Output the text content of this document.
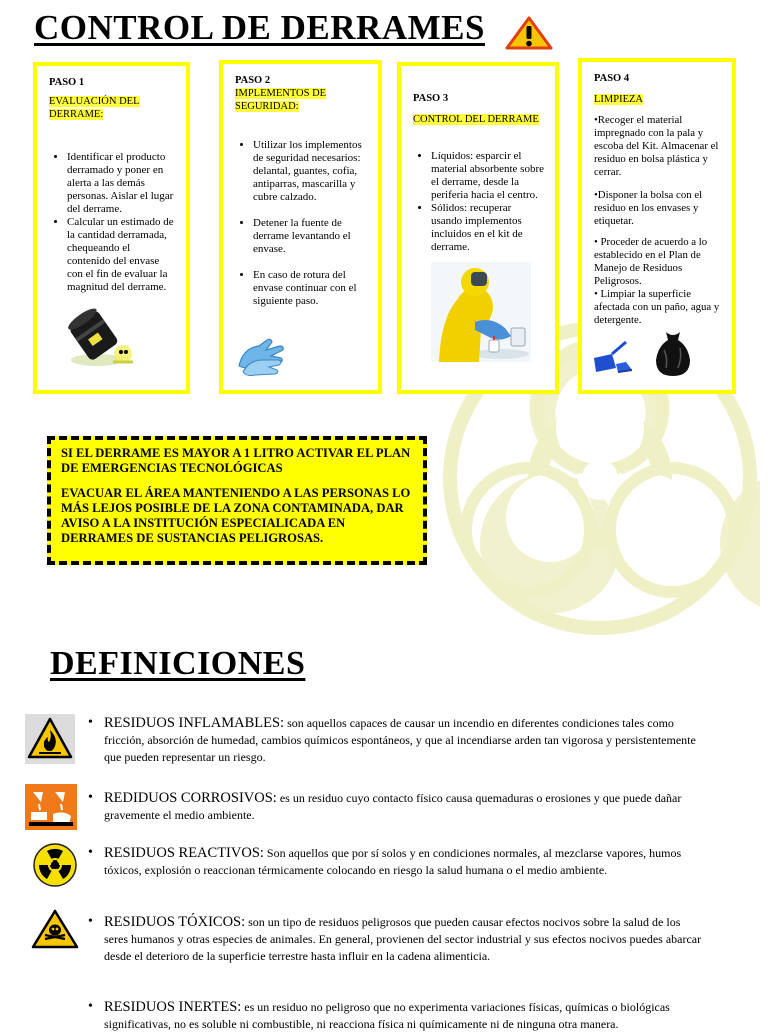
CONTROL DE DERRAMES
PASO 1
EVALUACIÓN DEL DERRAME:
• Identificar el producto derramado y poner en alerta a las demás personas. Aislar el lugar del derrame.
• Calcular un estimado de la cantidad derramada, chequeando el contenido del envase con el fin de evaluar la magnitud del derrame.
PASO 2
IMPLEMENTOS DE SEGURIDAD:
• Utilizar los implementos de seguridad necesarios: delantal, guantes, cofia, antiparras, mascarilla y cubre calzado.
• Detener la fuente de derrame levantando el envase.
• En caso de rotura del envase continuar con el siguiente paso.
PASO 3
CONTROL DEL DERRAME
• Líquidos: esparcir el material absorbente sobre el derrame, desde la periferia hacia el centro.
• Sólidos: recuperar usando implementos incluidos en el kit de derrame.
PASO 4
LIMPIEZA

•Recoger el material impregnado con la pala y escoba del Kit. Almacenar el residuo en bolsa plástica y cerrar.

•Disponer la bolsa con el residuo en los envases y etiquetar.

• Proceder de acuerdo a lo establecido en el Plan de Manejo de Residuos Peligrosos.

• Limpiar la superficie afectada con un paño, agua y detergente.

SI EL DERRAME ES MAYOR A 1 LITRO ACTIVAR EL PLAN DE EMERGENCIAS TECNOLÓGICAS

EVACUAR EL ÁREA MANTENIENDO A LAS PERSONAS LO MÁS LEJOS POSIBLE DE LA ZONA CONTAMINADA, DAR AVISO A LA INSTITUCIÓN ESPECIALICADA EN DERRAMES DE SUSTANCIAS PELIGROSAS.

DEFINICIONES
• RESIDUOS INFLAMABLES: son aquellos capaces de causar un incendio en diferentes condiciones tales como fricción, absorción de humedad, cambios químicos espontáneos, y que al incendiarse arden tan vigorosa y persistentemente que pueden representar un riesgo.
• REDIDUOS CORROSIVOS: es un residuo cuyo contacto físico causa quemaduras o erosiones y que puede dañar gravemente el medio ambiente.
• RESIDUOS REACTIVOS: Son aquellos que por sí solos y en condiciones normales, al mezclarse vapores, humos tóxicos, explosión o reaccionan térmicamente colocando en riesgo la salud humana o el medio ambiente.
• RESIDUOS TÓXICOS: son un tipo de residuos peligrosos que pueden causar efectos nocivos sobre la salud de los seres humanos y otras especies de animales. En general, provienen del sector industrial y sus efectos nocivos puedes abarcar desde el deterioro de la superficie terrestre hasta influir en la cadena alimenticia.
• RESIDUOS INERTES: es un residuo no peligroso que no experimenta variaciones físicas, químicas o biológicas significativas, no es soluble ni combustible, ni reacciona física ni químicamente ni de ninguna otra manera.
